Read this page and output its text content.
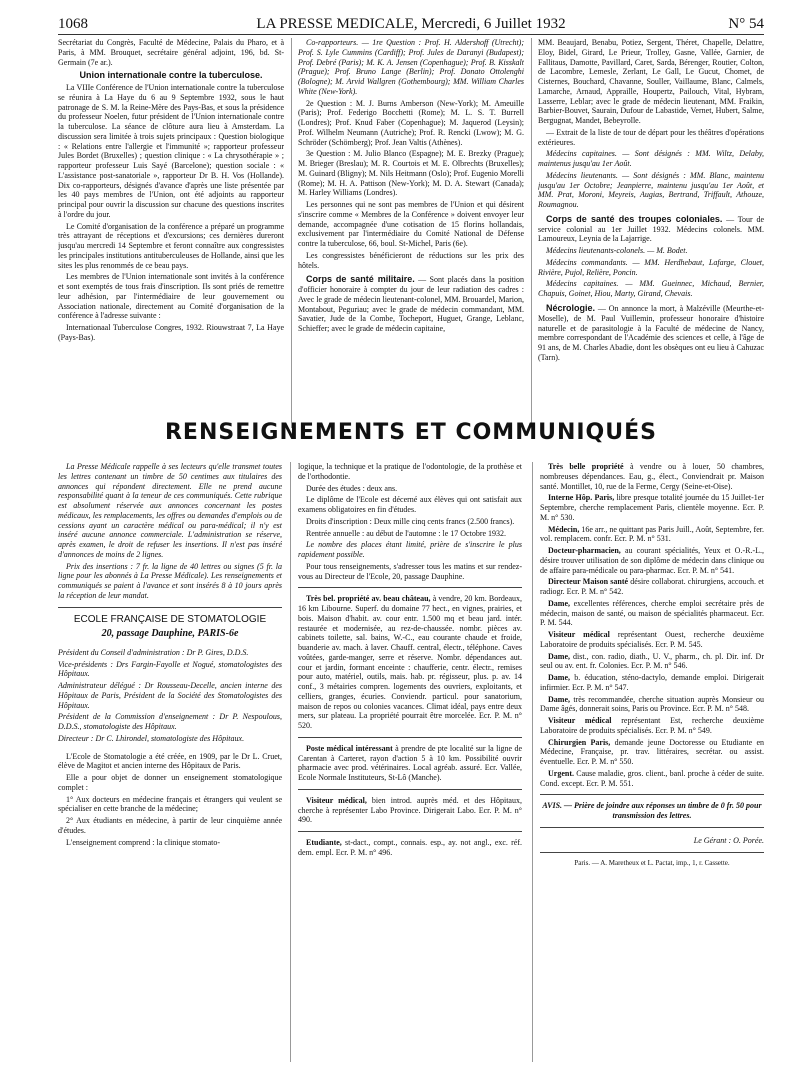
1068	LA PRESSE MEDICALE, Mercredi, 6 Juillet 1932	N° 54

Secrétariat du Congrès, Faculté de Médecine, Palais du Pharo, et à Paris, à MM. Brouquet, secrétaire général adjoint, 196, bd. St-Germain (7e ar.).

Union internationale contre la tuberculose.

La VIIIe Conférence de l'Union internationale contre la tuberculose se réunira à La Haye du 6 au 9 Septembre 1932, sous le haut patronage de S. M. la Reine-Mère des Pays-Bas, et sous la présidence du professeur Noelen, futur président de l'Union internationale contre la tuberculose. La séance de clôture aura lieu à Amsterdam. La discussion sera limitée à trois sujets principaux : Question biologique : « Relations entre l'allergie et l'immunité »; rapporteur professeur Jules Bordet (Bruxelles) ; question clinique : « La chrysothérapie » ; rapporteur professeur Luis Sayé (Barcelone); question sociale : « L'assistance post-sanatoriale », rapporteur Dr B. H. Vos (Hollande). Dix co-rapporteurs, désignés d'avance d'après une liste présentée par les 40 pays membres de l'Union, ont été adjoints au rapporteur principal pour ouvrir la discussion sur chacune des questions inscrites à l'ordre du jour.

Le Comité d'organisation de la conférence a préparé un programme très attrayant de réceptions et d'excursions; ces dernières dureront jusqu'au mercredi 14 Septembre et feront connaître aux congressistes les principales institutions antituberculeuses de Hollande, ainsi que les sites les plus renommés de ce beau pays.

Les membres de l'Union internationale sont invités à la conférence et sont exemptés de tous frais d'inscription. Ils sont priés de remettre leur adhésion, par l'intermédiaire de leur gouvernement ou Association nationale, directement au Comité d'organisation de la conférence à l'adresse suivante :

Internationaal Tuberculose Congres, 1932. Riouwstraat 7, La Haye (Pays-Bas).

Co-rapporteurs. — 1re Question : Prof. H. Aldershoff (Utrecht); Prof. S. Lyle Cummins (Cardiff); Prof. Jules de Daranyi (Budapest); Prof. Debré (Paris); M. K. A. Jensen (Copenhague); Prof. B. Kisskalt (Prague); Prof. Bruno Lange (Berlin); Prof. Donato Ottolenghi (Bologne); M. Arvid Wallgren (Gothembourg); MM. William Charles White (New-York).

2e Question : M. J. Burns Amberson (New-York); M. Ameuille (Paris); Prof. Federigo Bocchetti (Rome); M. L. S. T. Burrell (Londres); Prof. Knud Faber (Copenhague); M. Jaquerod (Leysin); Prof. Wilhelm Neumann (Autriche); Prof. R. Rencki (Lwow); M. G. Schröder (Schömberg); Prof. Jean Valtis (Athènes).

3e Question : M. Julio Blanco (Espagne); M. E. Brezky (Prague); M. Brieger (Breslau); M. R. Courtois et M. E. Olbrechts (Bruxelles); M. Guinard (Bligny); M. Nils Heitmann (Oslo); Prof. Eugenio Morelli (Rome); M. H. A. Pattison (New-York); M. D. A. Stewart (Canada); M. Harley Williams (Londres).

Les personnes qui ne sont pas membres de l'Union et qui désirent s'inscrire comme « Membres de la Conférence » doivent envoyer leur demande, accompagnée d'une cotisation de 15 florins hollandais, exclusivement par l'intermédiaire du Comité National de Défense contre la tuberculose, 66, boul. St-Michel, Paris (6e).

Les congressistes bénéficieront de réductions sur les prix des hôtels.

Corps de santé militaire. — Sont placés dans la position d'officier honoraire à compter du jour de leur radiation des cadres : Avec le grade de médecin lieutenant-colonel, MM. Brouardel, Marion, Montabout, Peguriau; avec le grade de médecin commandant, MM. Savatier, Jude de la Combe, Tocheport, Huguet, Grange, Leblanc, Schieffer; avec le grade de médecin capitaine,

MM. Beaujard, Benabu, Potiez, Sergent, Théret, Chapelle, Delattre, Eloy, Bidel, Girard, Le Prieur, Trolley, Gasne, Vallée, Garnier, de Fallitaus, Damotte, Pavillard, Caret, Sarda, Bérenger, Routier, Colton, de Lacombre, Lemesle, Zerlant, Le Gall, Le Gucut, Chomet, de Cisternes, Bouchard, Chavanne, Souller, Vaillaume, Blanc, Calmels, Lamarche, Arnaud, Appraille, Houpertz, Pailouch, Vital, Hybram, Lasserre, Leblar; avec le grade de médecin lieutenant, MM. Fraikin, Barbier-Bouvet, Saurain, Dufour de Labastide, Vernet, Hubert, Salme, Bergugnat, Mandet, Bebeyrolle.

— Extrait de la liste de tour de départ pour les théâtres d'opérations extérieures.

Médecins capitaines. — Sont désignés : MM. Wiltz, Delaby, maintenus jusqu'au 1er Août.

Médecins lieutenants. — Sont désignés : MM. Blanc, maintenu jusqu'au 1er Octobre; Jeanpierre, maintenu jusqu'au 1er Août, et MM. Prat, Moroni, Meyreis, Augias, Bertrand, Triffault, Athouze, Roumagnou.

Corps de santé des troupes coloniales. — Tour de service colonial au 1er Juillet 1932. Médecins colonels. MM. Lamoureux, Leynia de la Lajarrige.

Médecins lieutenants-colonels. — M. Bodet.

Médecins commandants. — MM. Herdhebaut, Lafarge, Clouet, Rivière, Pujol, Relière, Poncin.

Médecins capitaines. — MM. Gueinnec, Michaud, Bernier, Chapuis, Goinet, Hiou, Marty, Girand, Chevais.

Nécrologie. — On annonce la mort, à Malzéville (Meurthe-et-Moselle), de M. Paul Vuillemin, professeur honoraire d'histoire naturelle et de parasitologie à la Faculté de médecine de Nancy, membre correspondant de l'Académie des sciences et celle, à l'âge de 91 ans, de M. Charles Abadie, dont les obsèques ont eu lieu à Cahuzac (Tarn).

RENSEIGNEMENTS ET COMMUNIQUÉS

La Presse Médicale rappelle à ses lecteurs qu'elle transmet toutes les lettres contenant un timbre de 50 centimes aux titulaires des annonces qui répondent directement. Elle ne prend aucune responsabilité quant à la teneur de ces communiqués. Cette rubrique est absolument réservée aux annonces concernant les postes médicaux, les remplacements, les offres ou demandes d'emplois ou de cessions ayant un caractère médical ou para-médical; il n'y est inséré aucune annonce commerciale. L'administration se réserve, après examen, le droit de refuser les insertions. Il n'est pas inséré d'annonces de moins de 2 lignes.

Prix des insertions : 7 fr. la ligne de 40 lettres ou signes (5 fr. la ligne pour les abonnés à La Presse Médicale). Les renseignements et communiqués se paient à l'avance et sont insérés 8 à 10 jours après la réception de leur mandat.

ECOLE FRANÇAISE DE STOMATOLOGIE

20, passage Dauphine, PARIS-6e

Président du Conseil d'administration : Dr P. Gires, D.D.S.

Vice-présidents : Drs Fargin-Fayolle et Nogué, stomatologistes des Hôpitaux.

Administrateur délégué : Dr Rousseau-Decelle, ancien interne des Hôpitaux de Paris, Président de la Société des Stomatologistes des Hôpitaux.

Président de la Commission d'enseignement : Dr P. Nespoulous, D.D.S., stomatologiste des Hôpitaux.

Directeur : Dr C. Lhirondel, stomatologiste des Hôpitaux.

L'Ecole de Stomatologie a été créée, en 1909, par le Dr L. Cruet, élève de Magitot et ancien interne des Hôpitaux de Paris.

Elle a pour objet de donner un enseignement stomatologique complet :

1° Aux docteurs en médecine français et étrangers qui veulent se spécialiser en cette branche de la médecine;

2° Aux étudiants en médecine, à partir de leur cinquième année d'études.

L'enseignement comprend : la clinique stomato-

logique, la technique et la pratique de l'odontologie, de la prothèse et de l'orthodontie.

Durée des études : deux ans.

Le diplôme de l'Ecole est décerné aux élèves qui ont satisfait aux examens obligatoires en fin d'études.

Droits d'inscription : Deux mille cinq cents francs (2.500 francs).

Rentrée annuelle : au début de l'automne : le 17 Octobre 1932.

Le nombre des places étant limité, prière de s'inscrire le plus rapidement possible.

Pour tous renseignements, s'adresser tous les matins et sur rendez-vous au Directeur de l'Ecole, 20, passage Dauphine.

Très bel. propriété av. beau château, à vendre, 20 km. Bordeaux, 16 km Libourne. Superf. du domaine 77 hect., en vignes, prairies, et bois. Maison d'habit. av. cour entr. 1.500 mq et beau jard. intér. restaurée et modernisée, au rez-de-chaussée. nombr. pièces av. cabinets toilette, sal. bains, W.-C., eau courante chaude et froide, buanderie av. mach. à laver. Chauff. central, électr., téléphone. Caves voûtées, garde-manger, serre et réserve. Nombr. dépendances aut. cour et jardin, formant enceinte : chaufferie, centr. électr., remises pour auto, matériel, outils, mais. hab. pr. régisseur, plus. p. av. 14 conf., 3 métairies compren. logements des ouvriers, exploitants, et celliers, granges, écuries. Conviendr. particul. pour sanatorium, maison de repos ou colonies vacances. Climat idéal, pays entre deux mers, sur plateau. La propriété pourrait être morcelée. Ecr. P. M. n° 520.

Poste médical intéressant à prendre de pte localité sur la ligne de Carentan à Carteret, rayon d'action 5 à 10 km. Possibilité ouvrir pharmacie avec prod. vétérinaires. Local agréab. assuré. Ecr. Vallée, Ecole Normale Instituteurs, St-Lô (Manche).

Visiteur médical, bien introd. auprès méd. et des Hôpitaux, cherche à représenter Labo Province. Dirigerait Labo. Ecr. P. M. n° 490.

Etudiante, st-dact., compt., connais. esp., ay. not angl., exc. réf. dem. empl. Ecr. P. M. n° 496.

Très belle propriété à vendre ou à louer, 50 chambres, nombreuses dépendances. Eau, g., élect., Conviendrait pr. Maison santé. Montillet, 10, rue de la Ferme, Cergy (Seine-et-Oise).

Interne Hôp. Paris, libre presque totalité journée du 15 Juillet-1er Septembre, cherche remplacement Paris, clientèle moyenne. Ecr. P. M. n° 530.

Médecin, 16e arr., ne quittant pas Paris Juill., Août, Septembre, fer. vol. remplacem. confr. Ecr. P. M. n° 531.

Docteur-pharmacien, au courant spécialités, Yeux et O.-R.-L., désire trouver utilisation de son diplôme de médecin dans clinique ou de affaire para-médicale ou para-pharmac. Ecr. P. M. n° 541.

Directeur Maison santé désire collaborat. chirurgiens, accouch. et radiogr. Ecr. P. M. n° 542.

Dame, excellentes références, cherche emploi secrétaire près de médecin, maison de santé, ou maison de spécialités pharmaceut. Ecr. P. M. 544.

Visiteur médical représentant Ouest, recherche deuxième Laboratoire de produits spécialisés. Ecr. P. M. 545.

Dame, dist., con. radio, diath., U. V., pharm., ch. pl. Dir. inf. Dr seul ou av. ent. fr. Colonies. Ecr. P. M. n° 546.

Dame, b. éducation, sténo-dactylo, demande emploi. Dirigerait infirmier. Ecr. P. M. n° 547.

Dame, très recommandée, cherche situation auprès Monsieur ou Dame âgés, donnerait soins, Paris ou Province. Ecr. P. M. n° 548.

Visiteur médical représentant Est, recherche deuxième Laboratoire de produits spécialisés. Ecr. P. M. n° 549.

Chirurgien Paris, demande jeune Doctoresse ou Etudiante en Médecine, Française, pr. trav. littéraires, secrétar. ou assist. éventuelle. Ecr. P. M. n° 550.

Urgent. Cause maladie, gros. client., banl. proche à céder de suite. Cond. except. Ecr. P. M. 551.

AVIS. — Prière de joindre aux réponses un timbre de 0 fr. 50 pour transmission des lettres.

Le Gérant : O. Porée.

Paris. — A. Maretheux et L. Pactat, imp., 1, r. Cassette.
